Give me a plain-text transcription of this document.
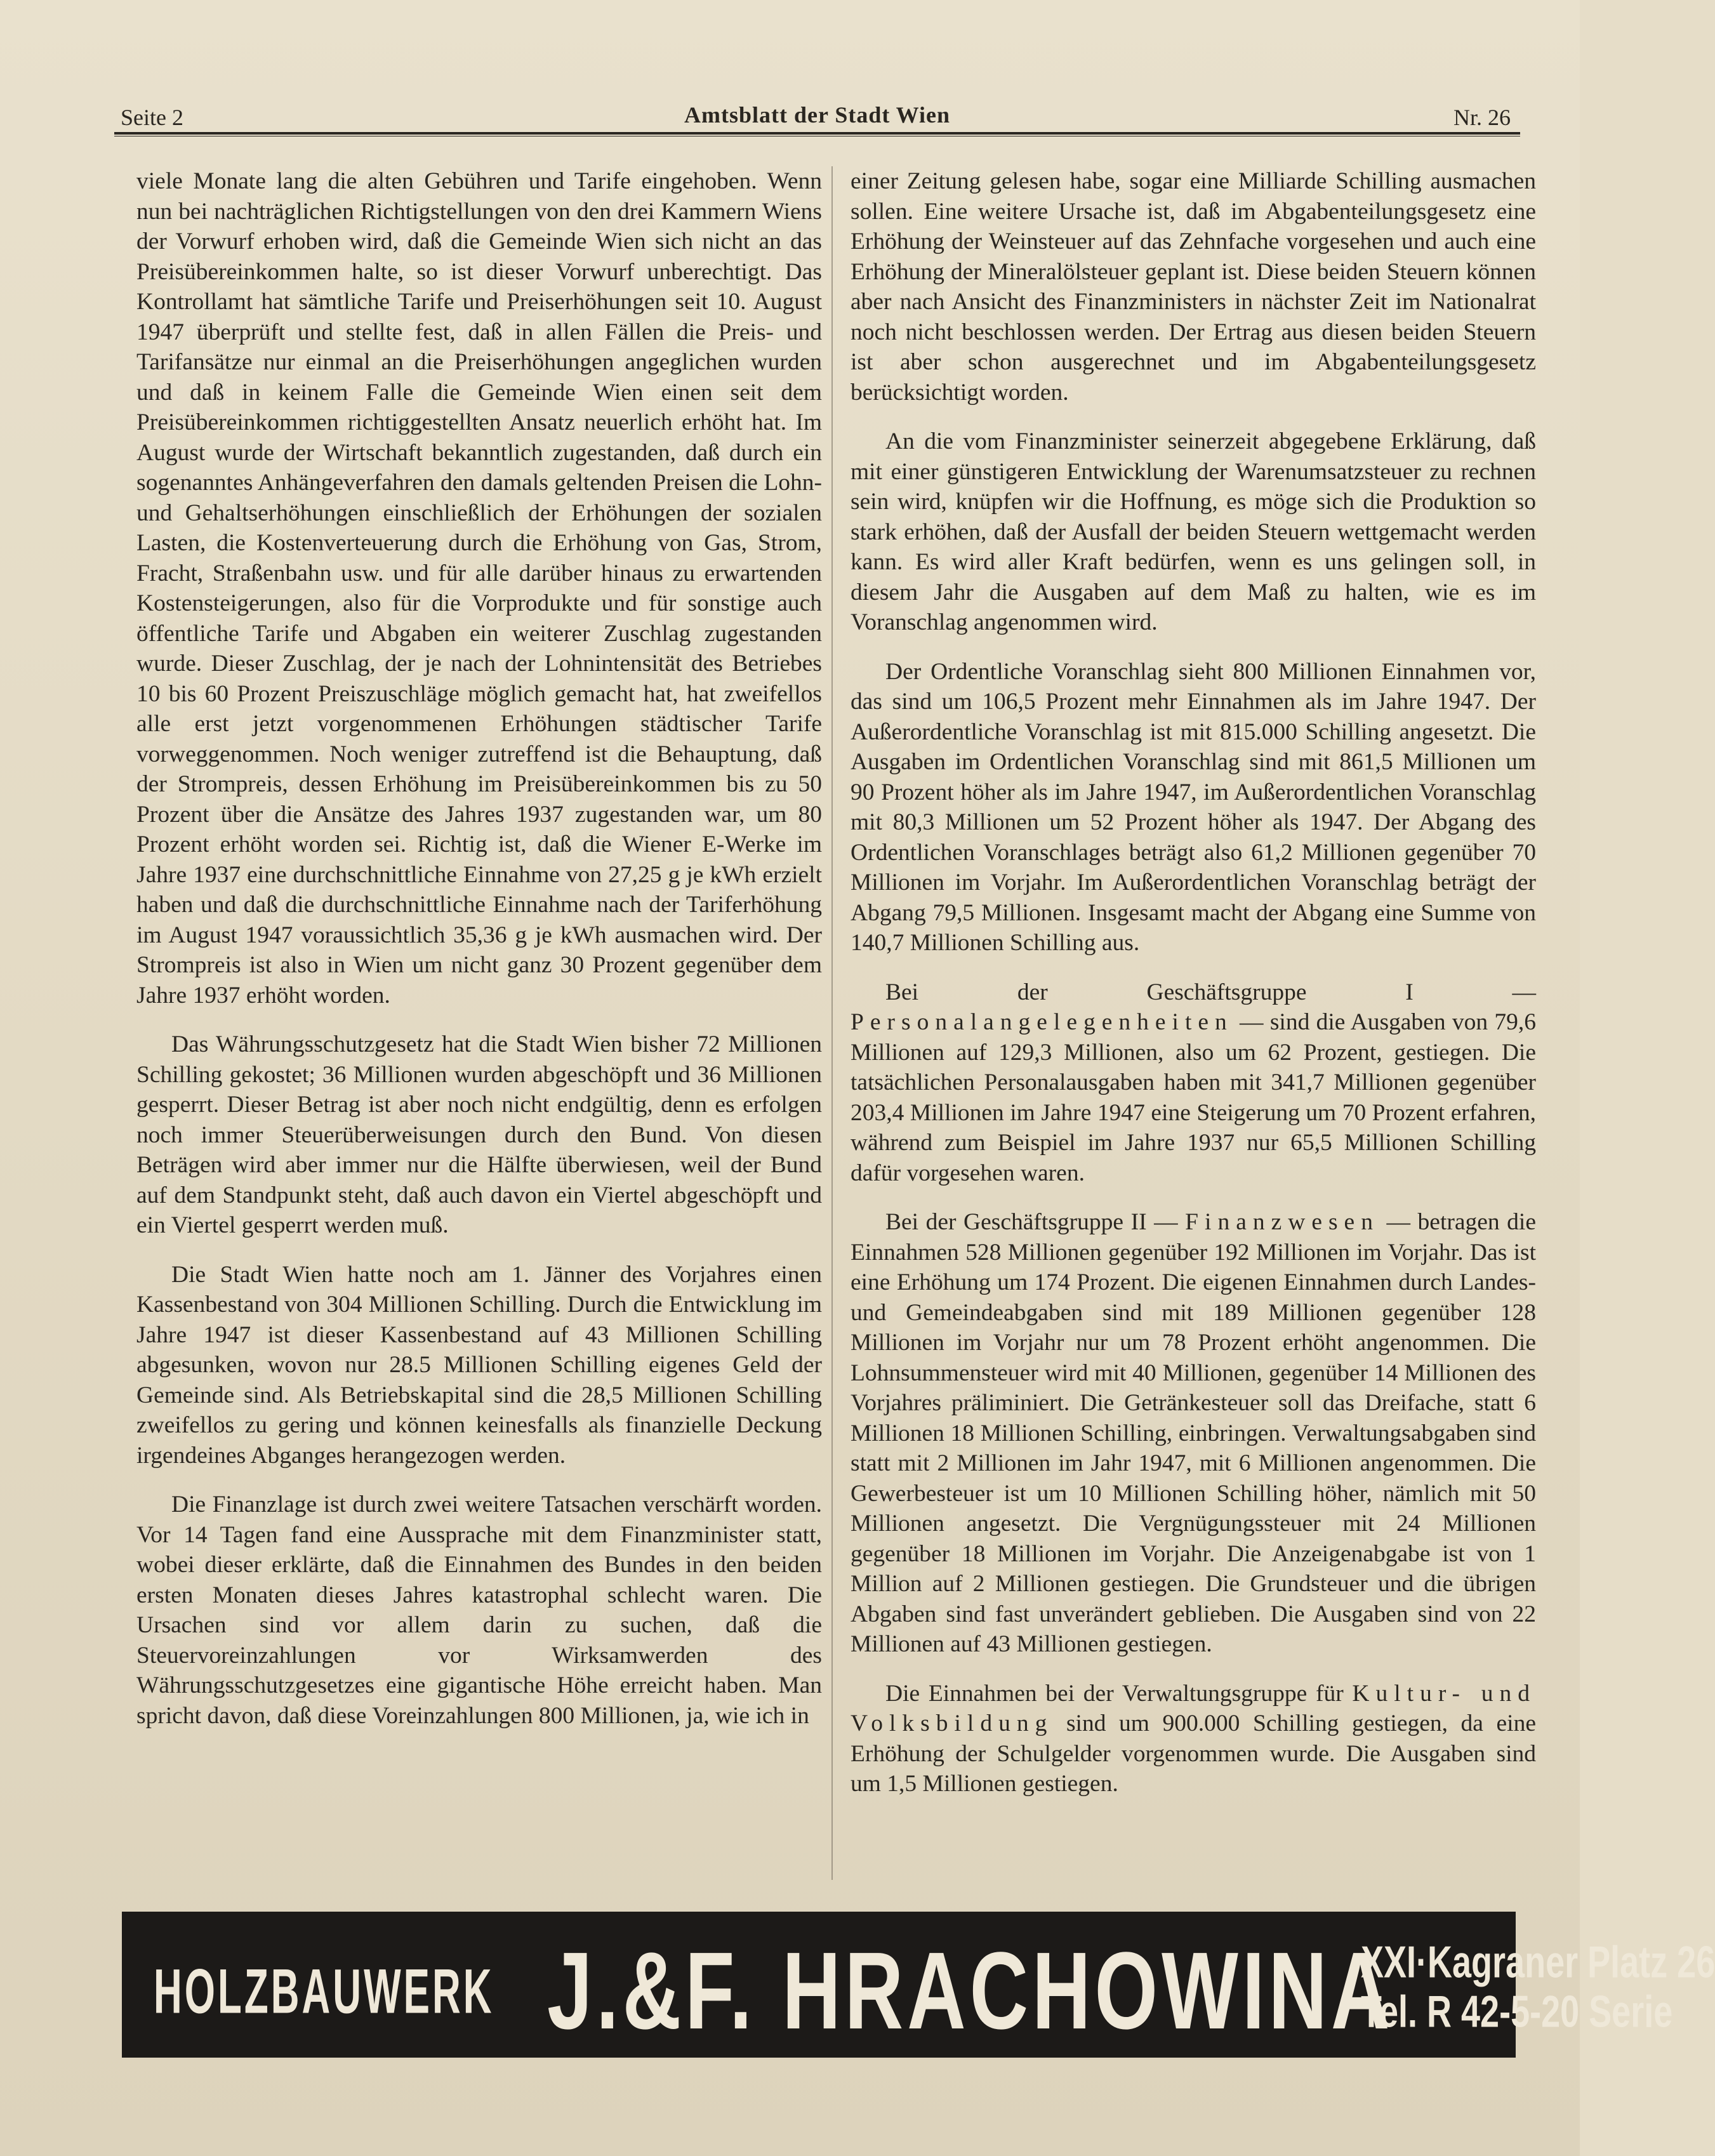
Seite 2	Amtsblatt der Stadt Wien	Nr. 26

viele Monate lang die alten Gebühren und Tarife eingehoben. Wenn nun bei nachträglichen Richtigstellungen von den drei Kammern Wiens der Vorwurf erhoben wird, daß die Gemeinde Wien sich nicht an das Preisübereinkommen halte, so ist dieser Vorwurf unberechtigt. Das Kontrollamt hat sämtliche Tarife und Preiserhöhungen seit 10. August 1947 überprüft und stellte fest, daß in allen Fällen die Preis- und Tarifansätze nur einmal an die Preiserhöhungen angeglichen wurden und daß in keinem Falle die Gemeinde Wien einen seit dem Preisübereinkommen richtiggestellten Ansatz neuerlich erhöht hat. Im August wurde der Wirtschaft bekanntlich zugestanden, daß durch ein sogenanntes Anhängeverfahren den damals geltenden Preisen die Lohn- und Gehaltserhöhungen einschließlich der Erhöhungen der sozialen Lasten, die Kostenverteuerung durch die Erhöhung von Gas, Strom, Fracht, Straßenbahn usw. und für alle darüber hinaus zu erwartenden Kostensteigerungen, also für die Vorprodukte und für sonstige auch öffentliche Tarife und Abgaben ein weiterer Zuschlag zugestanden wurde. Dieser Zuschlag, der je nach der Lohnintensität des Betriebes 10 bis 60 Prozent Preiszuschläge möglich gemacht hat, hat zweifellos alle erst jetzt vorgenommenen Erhöhungen städtischer Tarife vorweggenommen. Noch weniger zutreffend ist die Behauptung, daß der Strompreis, dessen Erhöhung im Preisübereinkommen bis zu 50 Prozent über die Ansätze des Jahres 1937 zugestanden war, um 80 Prozent erhöht worden sei. Richtig ist, daß die Wiener E-Werke im Jahre 1937 eine durchschnittliche Einnahme von 27,25 g je kWh erzielt haben und daß die durchschnittliche Einnahme nach der Tariferhöhung im August 1947 voraussichtlich 35,36 g je kWh ausmachen wird. Der Strompreis ist also in Wien um nicht ganz 30 Prozent gegenüber dem Jahre 1937 erhöht worden.

Das Währungsschutzgesetz hat die Stadt Wien bisher 72 Millionen Schilling gekostet; 36 Millionen wurden abgeschöpft und 36 Millionen gesperrt. Dieser Betrag ist aber noch nicht endgültig, denn es erfolgen noch immer Steuerüberweisungen durch den Bund. Von diesen Beträgen wird aber immer nur die Hälfte überwiesen, weil der Bund auf dem Standpunkt steht, daß auch davon ein Viertel abgeschöpft und ein Viertel gesperrt werden muß.

Die Stadt Wien hatte noch am 1. Jänner des Vorjahres einen Kassenbestand von 304 Millionen Schilling. Durch die Entwicklung im Jahre 1947 ist dieser Kassenbestand auf 43 Millionen Schilling abgesunken, wovon nur 28.5 Millionen Schilling eigenes Geld der Gemeinde sind. Als Betriebskapital sind die 28,5 Millionen Schilling zweifellos zu gering und können keinesfalls als finanzielle Deckung irgendeines Abganges herangezogen werden.

Die Finanzlage ist durch zwei weitere Tatsachen verschärft worden. Vor 14 Tagen fand eine Aussprache mit dem Finanzminister statt, wobei dieser erklärte, daß die Einnahmen des Bundes in den beiden ersten Monaten dieses Jahres katastrophal schlecht waren. Die Ursachen sind vor allem darin zu suchen, daß die Steuervoreinzahlungen vor Wirksamwerden des Währungsschutzgesetzes eine gigantische Höhe erreicht haben. Man spricht davon, daß diese Voreinzahlungen 800 Millionen, ja, wie ich in

einer Zeitung gelesen habe, sogar eine Milliarde Schilling ausmachen sollen. Eine weitere Ursache ist, daß im Abgabenteilungsgesetz eine Erhöhung der Weinsteuer auf das Zehnfache vorgesehen und auch eine Erhöhung der Mineralölsteuer geplant ist. Diese beiden Steuern können aber nach Ansicht des Finanzministers in nächster Zeit im Nationalrat noch nicht beschlossen werden. Der Ertrag aus diesen beiden Steuern ist aber schon ausgerechnet und im Abgabenteilungsgesetz berücksichtigt worden.

An die vom Finanzminister seinerzeit abgegebene Erklärung, daß mit einer günstigeren Entwicklung der Warenumsatzsteuer zu rechnen sein wird, knüpfen wir die Hoffnung, es möge sich die Produktion so stark erhöhen, daß der Ausfall der beiden Steuern wettgemacht werden kann. Es wird aller Kraft bedürfen, wenn es uns gelingen soll, in diesem Jahr die Ausgaben auf dem Maß zu halten, wie es im Voranschlag angenommen wird.

Der Ordentliche Voranschlag sieht 800 Millionen Einnahmen vor, das sind um 106,5 Prozent mehr Einnahmen als im Jahre 1947. Der Außerordentliche Voranschlag ist mit 815.000 Schilling angesetzt. Die Ausgaben im Ordentlichen Voranschlag sind mit 861,5 Millionen um 90 Prozent höher als im Jahre 1947, im Außerordentlichen Voranschlag mit 80,3 Millionen um 52 Prozent höher als 1947. Der Abgang des Ordentlichen Voranschlages beträgt also 61,2 Millionen gegenüber 70 Millionen im Vorjahr. Im Außerordentlichen Voranschlag beträgt der Abgang 79,5 Millionen. Insgesamt macht der Abgang eine Summe von 140,7 Millionen Schilling aus.

Bei der Geschäftsgruppe I — Personalangelegenheiten — sind die Ausgaben von 79,6 Millionen auf 129,3 Millionen, also um 62 Prozent, gestiegen. Die tatsächlichen Personalausgaben haben mit 341,7 Millionen gegenüber 203,4 Millionen im Jahre 1947 eine Steigerung um 70 Prozent erfahren, während zum Beispiel im Jahre 1937 nur 65,5 Millionen Schilling dafür vorgesehen waren.

Bei der Geschäftsgruppe II — Finanzwesen — betragen die Einnahmen 528 Millionen gegenüber 192 Millionen im Vorjahr. Das ist eine Erhöhung um 174 Prozent. Die eigenen Einnahmen durch Landes- und Gemeindeabgaben sind mit 189 Millionen gegenüber 128 Millionen im Vorjahr nur um 78 Prozent erhöht angenommen. Die Lohnsummensteuer wird mit 40 Millionen, gegenüber 14 Millionen des Vorjahres präliminiert. Die Getränkesteuer soll das Dreifache, statt 6 Millionen 18 Millionen Schilling, einbringen. Verwaltungsabgaben sind statt mit 2 Millionen im Jahr 1947, mit 6 Millionen angenommen. Die Gewerbesteuer ist um 10 Millionen Schilling höher, nämlich mit 50 Millionen angesetzt. Die Vergnügungssteuer mit 24 Millionen gegenüber 18 Millionen im Vorjahr. Die Anzeigenabgabe ist von 1 Million auf 2 Millionen gestiegen. Die Grundsteuer und die übrigen Abgaben sind fast unverändert geblieben. Die Ausgaben sind von 22 Millionen auf 43 Millionen gestiegen.

Die Einnahmen bei der Verwaltungsgruppe für Kultur- und Volksbildung sind um 900.000 Schilling gestiegen, da eine Erhöhung der Schulgelder vorgenommen wurde. Die Ausgaben sind um 1,5 Millionen gestiegen.

HOLZBAUWERK J.&F. HRACHOWINA
XXI·Kagraner Platz 26
Tel. R 42-5-20 Serie
